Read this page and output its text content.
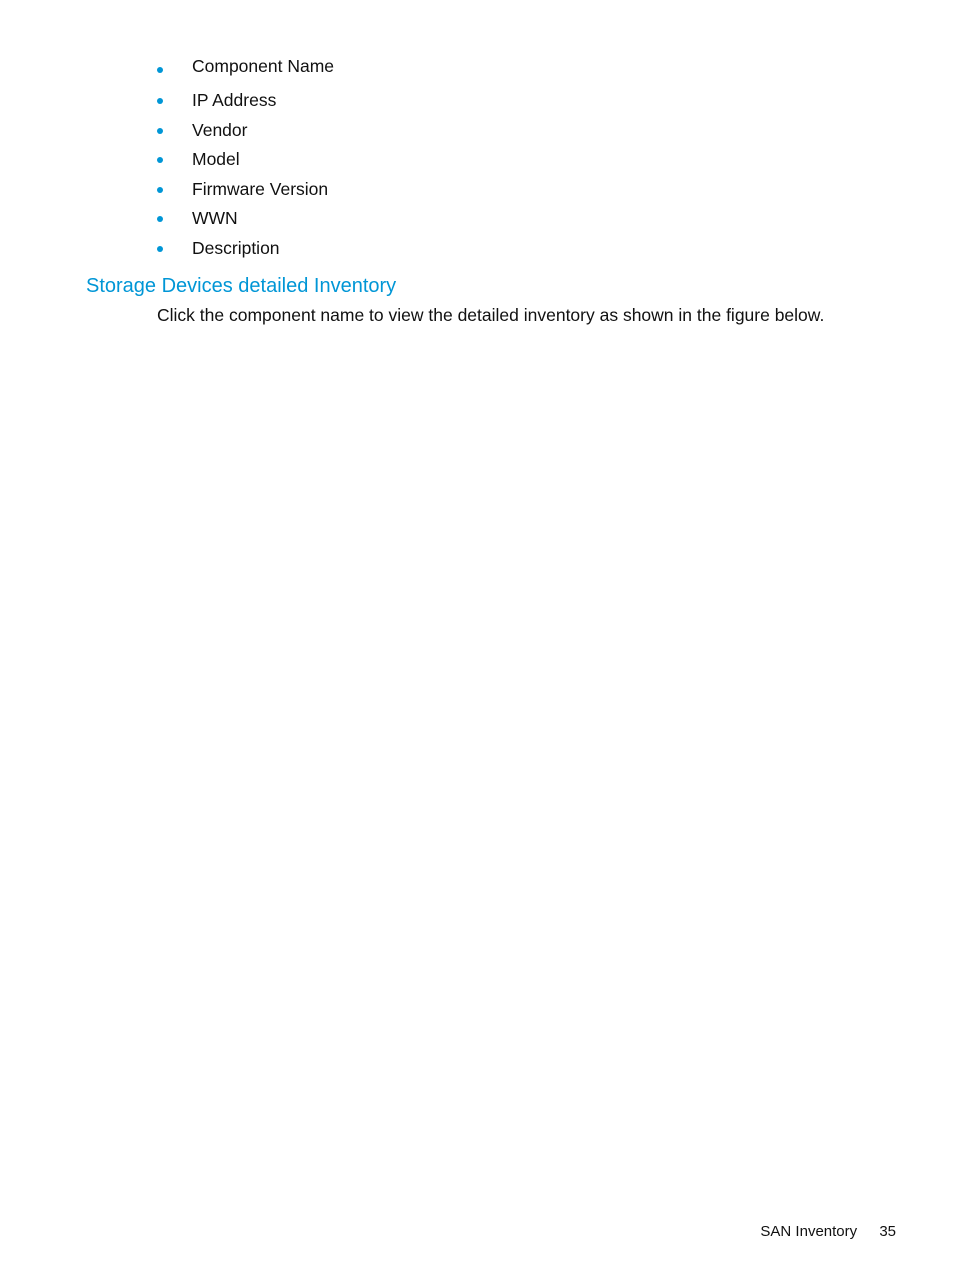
Component Name
IP Address
Vendor
Model
Firmware Version
WWN
Description
Storage Devices detailed Inventory

Click the component name to view the detailed inventory as shown in the figure below.

SAN Inventory 35
